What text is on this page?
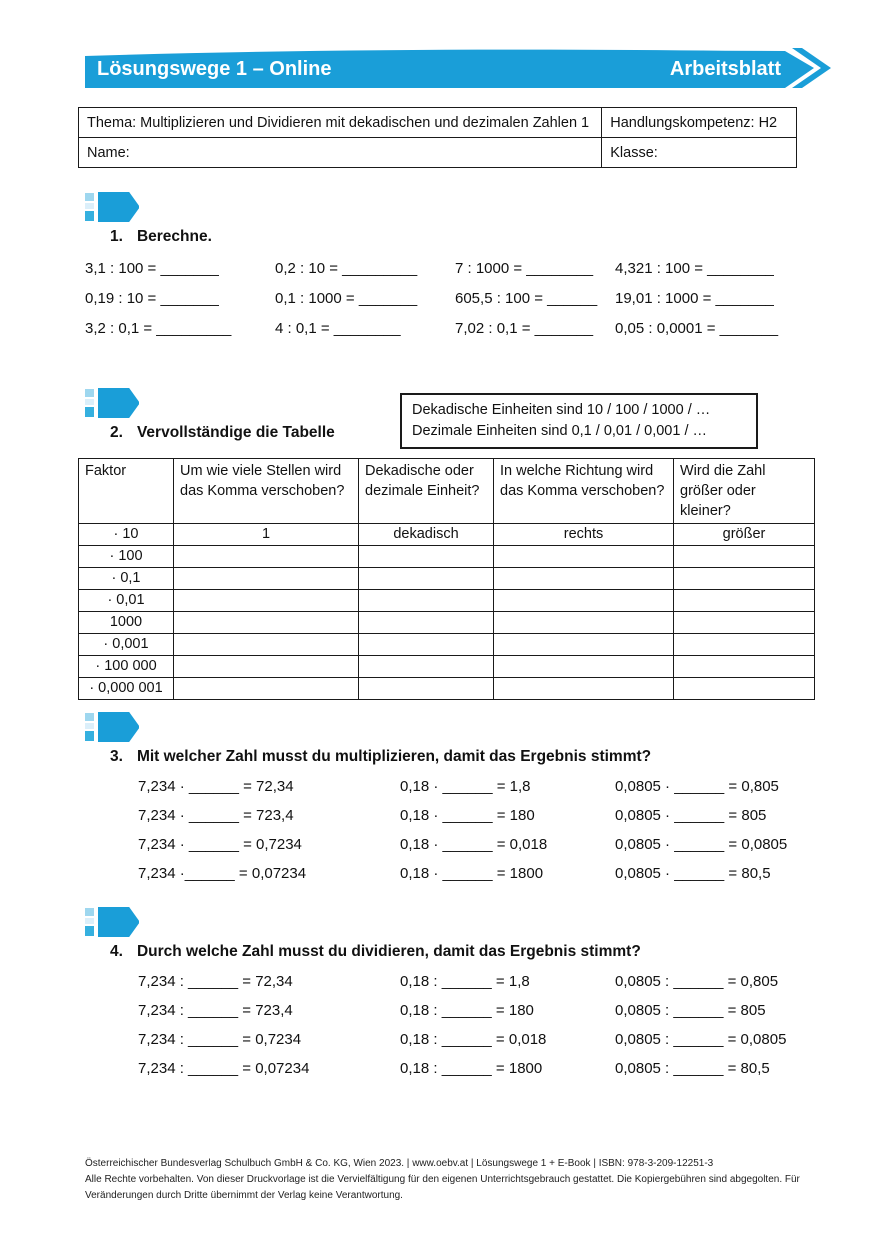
Lösungswege 1 – Online	Arbeitsblatt
Thema: Multiplizieren und Dividieren mit dekadischen und dezimalen Zahlen 1	Handlungskompetenz: H2
Name:	Klasse:
1. Berechne.
3,1 : 100 = _______	0,2 : 10 = _________	7 : 1000 = ________	4,321 : 100 = ________
0,19 : 10 = _______	0,1 : 1000 = _______	605,5 : 100 = ______	19,01 : 1000 = _______
3,2 : 0,1 = _________	4 : 0,1 = ________	7,02 : 0,1 = _______	0,05 : 0,0001 = _______
2. Vervollständige die Tabelle
Dekadische Einheiten sind 10 / 100 / 1000 / …
Dezimale Einheiten sind 0,1 / 0,01 / 0,001 / …
Faktor	Um wie viele Stellen wird das Komma verschoben?	Dekadische oder dezimale Einheit?	In welche Richtung wird das Komma verschoben?	Wird die Zahl größer oder kleiner?
· 10	1	dekadisch	rechts	größer
· 100				
· 0,1				
· 0,01				
1000				
· 0,001				
· 100 000				
· 0,000 001				
3. Mit welcher Zahl musst du multiplizieren, damit das Ergebnis stimmt?
7,234 · ______ = 72,34	0,18 · ______ = 1,8	0,0805 · ______ = 0,805
7,234 · ______ = 723,4	0,18 · ______ = 180	0,0805 · ______ = 805
7,234 · ______ = 0,7234	0,18 · ______ = 0,018	0,0805 · ______ = 0,0805
7,234 ·______ = 0,07234	0,18 · ______ = 1800	0,0805 · ______ = 80,5
4. Durch welche Zahl musst du dividieren, damit das Ergebnis stimmt?
7,234 : ______ = 72,34	0,18 : ______ = 1,8	0,0805 : ______ = 0,805
7,234 : ______ = 723,4	0,18 : ______ = 180	0,0805 : ______ = 805
7,234 : ______ = 0,7234	0,18 : ______ = 0,018	0,0805 : ______ = 0,0805
7,234 : ______ = 0,07234	0,18 : ______ = 1800	0,0805 : ______ = 80,5
Österreichischer Bundesverlag Schulbuch GmbH & Co. KG, Wien 2023. | www.oebv.at | Lösungswege 1 + E-Book | ISBN: 978-3-209-12251-3
Alle Rechte vorbehalten. Von dieser Druckvorlage ist die Vervielfältigung für den eigenen Unterrichtsgebrauch gestattet. Die Kopiergebühren sind abgegolten. Für
Veränderungen durch Dritte übernimmt der Verlag keine Verantwortung.
